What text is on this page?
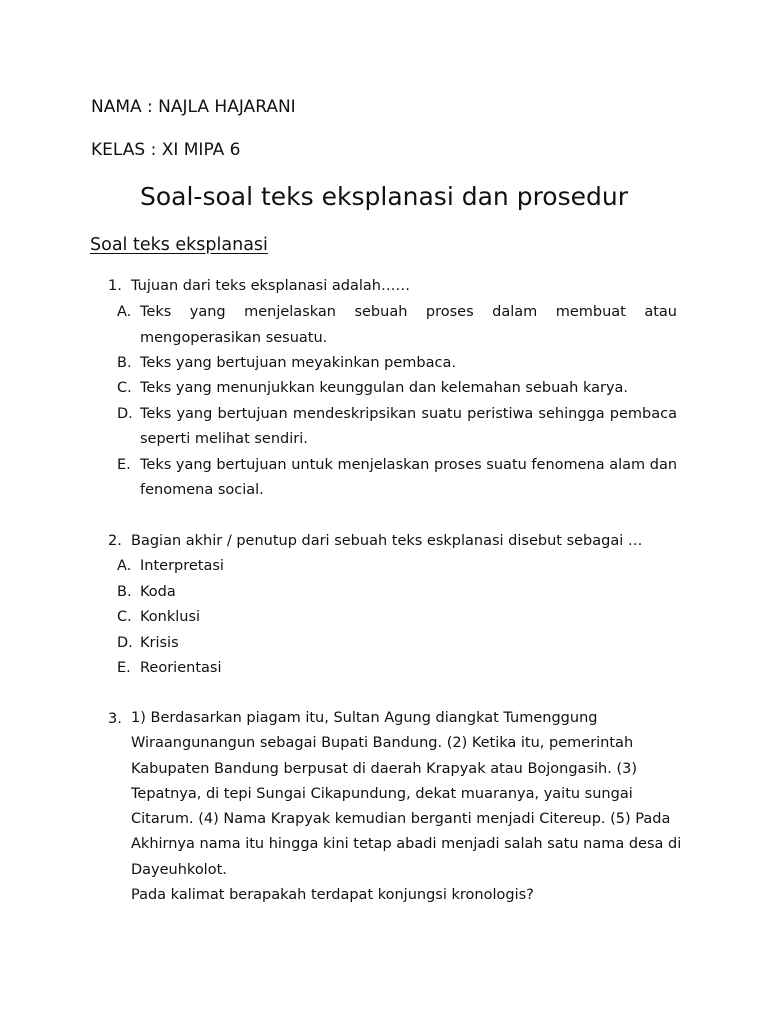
NAMA : NAJLA HAJARANI
KELAS : XI MIPA 6
Soal-soal teks eksplanasi dan prosedur
Soal teks eksplanasi
1. Tujuan dari teks eksplanasi adalah……
A. Teks yang menjelaskan sebuah proses dalam membuat atau
mengoperasikan sesuatu.
B. Teks yang bertujuan meyakinkan pembaca.
C. Teks yang menunjukkan keunggulan dan kelemahan sebuah karya.
D. Teks yang bertujuan mendeskripsikan suatu peristiwa sehingga pembaca
seperti melihat sendiri.
E. Teks yang bertujuan untuk menjelaskan proses suatu fenomena alam dan
fenomena social.
2. Bagian akhir / penutup dari sebuah teks eskplanasi disebut sebagai …
A. Interpretasi
B. Koda
C. Konklusi
D. Krisis
E. Reorientasi
3. 1) Berdasarkan piagam itu, Sultan Agung diangkat Tumenggung
Wiraangunangun sebagai Bupati Bandung. (2) Ketika itu, pemerintah
Kabupaten Bandung berpusat di daerah Krapyak atau Bojongasih. (3)
Tepatnya, di tepi Sungai Cikapundung, dekat muaranya, yaitu sungai
Citarum. (4) Nama Krapyak kemudian berganti menjadi Citereup. (5) Pada
Akhirnya nama itu hingga kini tetap abadi menjadi salah satu nama desa di
Dayeuhkolot.
Pada kalimat berapakah terdapat konjungsi kronologis?
